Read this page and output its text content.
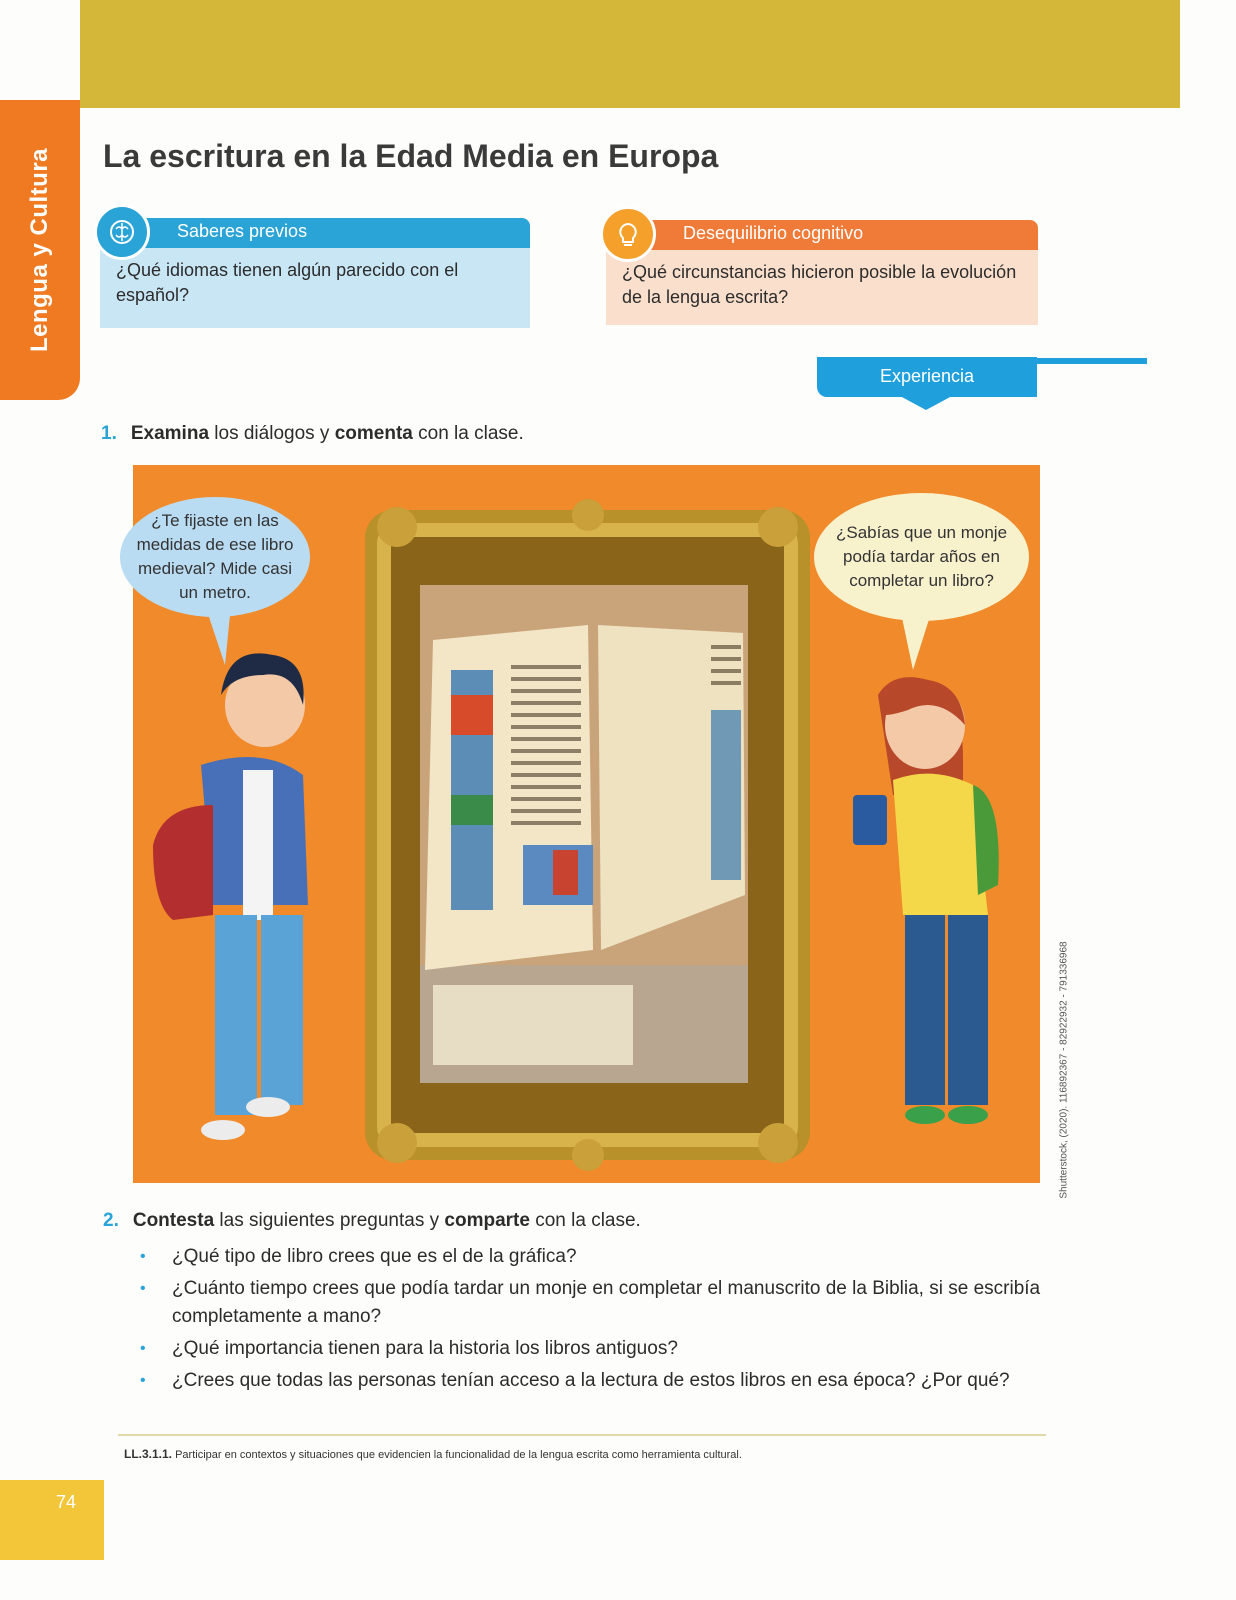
Lengua y Cultura La escritura en la Edad Media en Europa
Saberes previos
¿Qué idiomas tienen algún parecido con el español?
Desequilibrio cognitivo
¿Qué circunstancias hicieron posible la evolución de la lengua escrita?
Experiencia
1. Examina los diálogos y comenta con la clase.
¿Te fijaste en las medidas de ese libro medieval? Mide casi un metro.
¿Sabías que un monje podía tardar años en completar un libro?
Shutterstock, (2020). 116892367 - 82922932 - 791336968
2. Contesta las siguientes preguntas y comparte con la clase.
• ¿Qué tipo de libro crees que es el de la gráfica?
• ¿Cuánto tiempo crees que podía tardar un monje en completar el manuscrito de la Biblia, si se escribía completamente a mano?
• ¿Qué importancia tienen para la historia los libros antiguos?
• ¿Crees que todas las personas tenían acceso a la lectura de estos libros en esa época? ¿Por qué?
LL.3.1.1. Participar en contextos y situaciones que evidencien la funcionalidad de la lengua escrita como herramienta cultural.
74
